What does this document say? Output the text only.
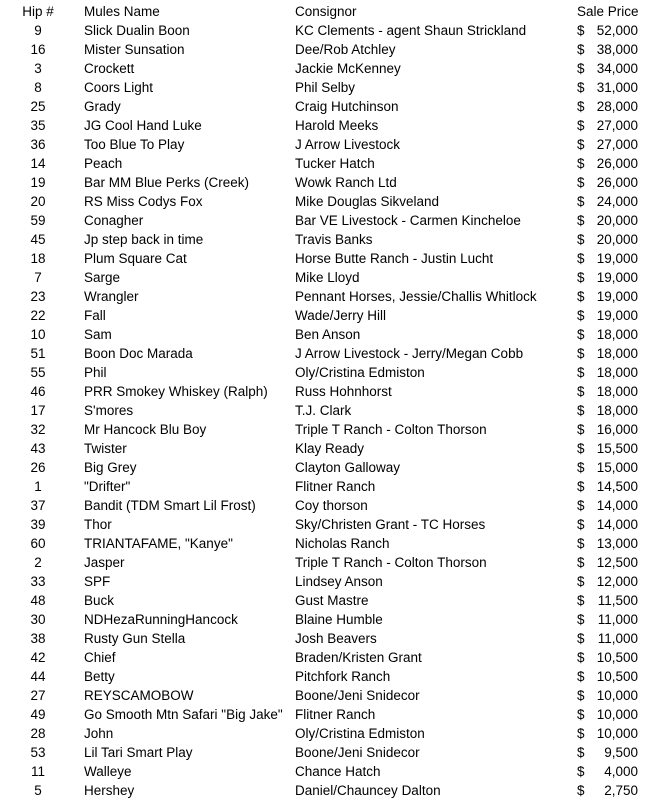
Hip #	Mules Name	Consignor	Sale Price
9	Slick Dualin Boon	KC Clements - agent Shaun Strickland	$ 52,000

16	Mister Sunsation	Dee/Rob Atchley	$ 38,000

3	Crockett	Jackie McKenney	$ 34,000

8	Coors Light	Phil Selby	$ 31,000

25	Grady	Craig Hutchinson	$ 28,000

35	JG Cool Hand Luke	Harold Meeks	$ 27,000

36	Too Blue To Play	J Arrow Livestock	$ 27,000

14	Peach	Tucker Hatch	$ 26,000

19	Bar MM Blue Perks (Creek)	Wowk Ranch Ltd	$ 26,000

20	RS Miss Codys Fox	Mike Douglas Sikveland	$ 24,000

59	Conagher	Bar VE Livestock - Carmen Kincheloe	$ 20,000

45	Jp step back in time	Travis Banks	$ 20,000

18	Plum Square Cat	Horse Butte Ranch - Justin Lucht	$ 19,000

7	Sarge	Mike Lloyd	$ 19,000

23	Wrangler	Pennant Horses, Jessie/Challis Whitlock	$ 19,000

22	Fall	Wade/Jerry Hill	$ 19,000

10	Sam	Ben Anson	$ 18,000

51	Boon Doc Marada	J Arrow Livestock - Jerry/Megan Cobb	$ 18,000

55	Phil	Oly/Cristina Edmiston	$ 18,000

46	PRR Smokey Whiskey (Ralph)	Russ Hohnhorst	$ 18,000

17	S'mores	T.J. Clark	$ 18,000

32	Mr Hancock Blu Boy	Triple T Ranch - Colton Thorson	$ 16,000

43	Twister	Klay Ready	$ 15,500

26	Big Grey	Clayton Galloway	$ 15,000

1	"Drifter"	Flitner Ranch	$ 14,500

37	Bandit (TDM Smart Lil Frost)	Coy thorson	$ 14,000

39	Thor	Sky/Christen Grant - TC Horses	$ 14,000

60	TRIANTAFAME, "Kanye"	Nicholas Ranch	$ 13,000

2	Jasper	Triple T Ranch - Colton Thorson	$ 12,500

33	SPF	Lindsey Anson	$ 12,000

48	Buck	Gust Mastre	$ 11,500

30	NDHezaRunningHancock	Blaine Humble	$ 11,000

38	Rusty Gun Stella	Josh Beavers	$ 11,000

42	Chief	Braden/Kristen Grant	$ 10,500

44	Betty	Pitchfork Ranch	$ 10,500

27	REYSCAMOBOW	Boone/Jeni Snidecor	$ 10,000

49	Go Smooth Mtn Safari "Big Jake"	Flitner Ranch	$ 10,000

28	John	Oly/Cristina Edmiston	$ 10,000

53	Lil Tari Smart Play	Boone/Jeni Snidecor	$ 9,500

11	Walleye	Chance Hatch	$ 4,000

5	Hershey	Daniel/Chauncey Dalton	$ 2,750
